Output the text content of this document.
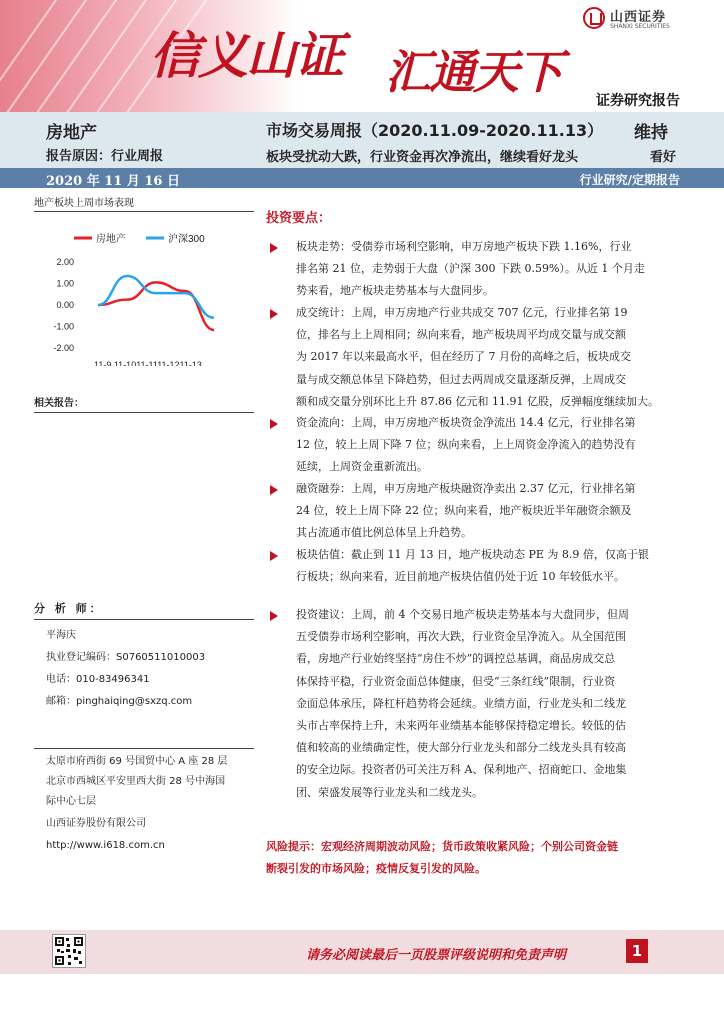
信义山证 汇通天下
山西证券
SHANXI SECURITIES
证券研究报告
房地产
报告原因：行业周报
市场交易周报（2020.11.09-2020.11.13） 维持
板块受扰动大跌，行业资金再次净流出，继续看好龙头	看好
2020 年 11 月 16 日	行业研究/定期报告
地产板块上周市场表现
2.00
1.00
0.00
-1.00
-2.00
11-9 11-1011-1111-1211-13
房地产	沪深300
相关报告：
分 析 师：
平海庆
执业登记编码：S0760511010003
电话：010-83496341
邮箱：pinghaiqing@sxzq.com
太原市府西街 69 号国贸中心 A 座 28 层
北京市西城区平安里西大街 28 号中海国
际中心七层
山西证券股份有限公司
http://www.i618.com.cn
投资要点：
板块走势：受债券市场利空影响，申万房地产板块下跌 1.16%，行业
排名第 21 位，走势弱于大盘（沪深 300 下跌 0.59%）。从近 1 个月走
势来看，地产板块走势基本与大盘同步。
成交统计：上周，申万房地产行业共成交 707 亿元，行业排名第 19
位，排名与上上周相同；纵向来看，地产板块周平均成交量与成交额
为 2017 年以来最高水平，但在经历了 7 月份的高峰之后，板块成交
量与成交额总体呈下降趋势，但过去两周成交量逐渐反弹，上周成交
额和成交量分别环比上升 87.86 亿元和 11.91 亿股，反弹幅度继续加大。
资金流向：上周，申万房地产板块资金净流出 14.4 亿元，行业排名第
12 位，较上上周下降 7 位；纵向来看，上上周资金净流入的趋势没有
延续，上周资金重新流出。
融资融券：上周，申万房地产板块融资净卖出 2.37 亿元，行业排名第
24 位，较上上周下降 22 位；纵向来看，地产板块近半年融资余额及
其占流通市值比例总体呈上升趋势。
板块估值：截止到 11 月 13 日，地产板块动态 PE 为 8.9 倍，仅高于银
行板块；纵向来看，近目前地产板块估值仍处于近 10 年较低水平。
投资建议：上周，前 4 个交易日地产板块走势基本与大盘同步，但周
五受债券市场利空影响，再次大跌，行业资金呈净流入。从全国范围
看，房地产行业始终坚持“房住不炒”的调控总基调，商品房成交总
体保持平稳，行业资金面总体健康，但受“三条红线”限制，行业资
金面总体承压，降杠杆趋势将会延续。业绩方面，行业龙头和二线龙
头市占率保持上升，未来两年业绩基本能够保持稳定增长。较低的估
值和较高的业绩确定性，使大部分行业龙头和部分二线龙头具有较高
的安全边际。投资者仍可关注万科 A、保利地产、招商蛇口、金地集
团、荣盛发展等行业龙头和二线龙头。
风险提示：宏观经济周期波动风险；货币政策收紧风险；个别公司资金链
断裂引发的市场风险；疫情反复引发的风险。
请务必阅读最后一页股票评级说明和免责声明	1
